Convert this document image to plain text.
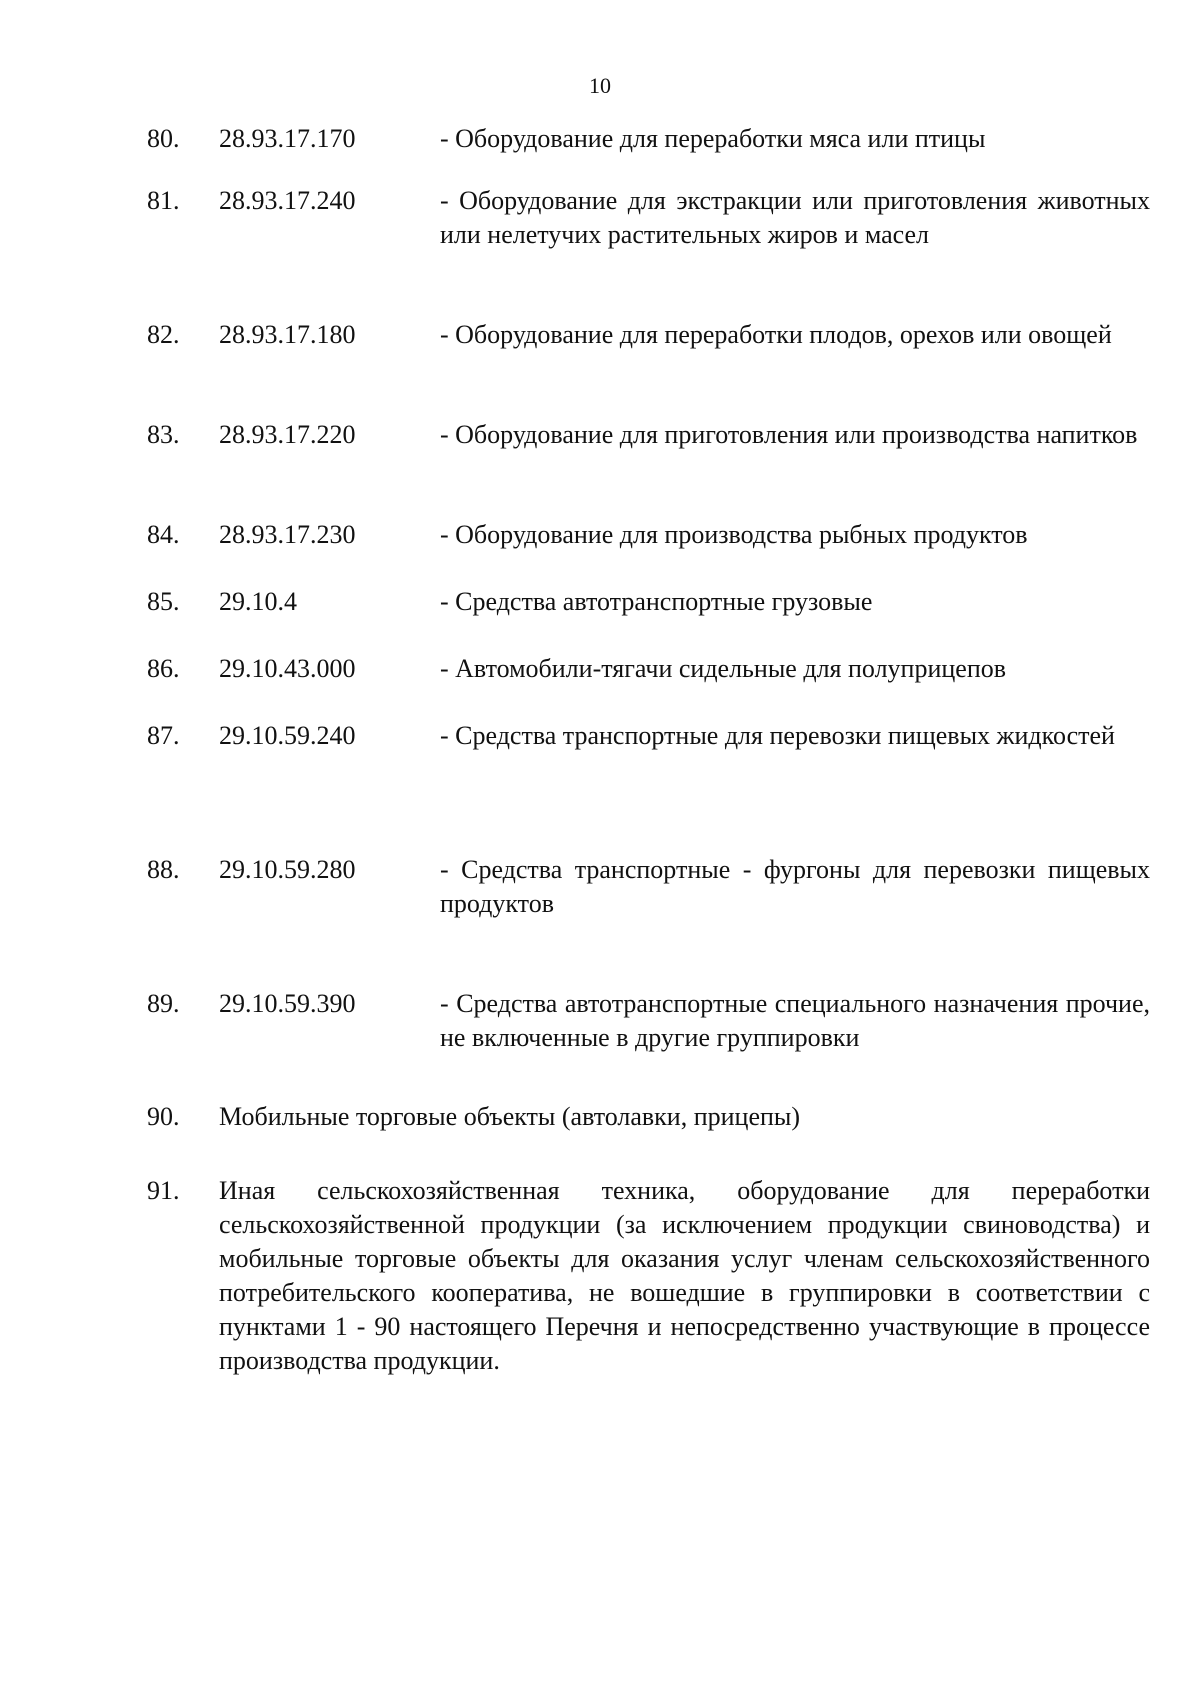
10
80. 28.93.17.170	- Оборудование для переработки мяса или птицы
81. 28.93.17.240	- Оборудование для экстракции или приготовления животных или нелетучих растительных жиров и масел
82. 28.93.17.180	- Оборудование для переработки плодов, орехов или овощей
83. 28.93.17.220	- Оборудование для приготовления или производства напитков
84. 28.93.17.230	- Оборудование для производства рыбных продуктов
85. 29.10.4	- Средства автотранспортные грузовые
86. 29.10.43.000	- Автомобили-тягачи сидельные для полуприцепов
87. 29.10.59.240	- Средства транспортные для перевозки пищевых жидкостей
88. 29.10.59.280	- Средства транспортные - фургоны для перевозки пищевых продуктов
89. 29.10.59.390	- Средства автотранспортные специального назначения прочие, не включенные в другие группировки
90. Мобильные торговые объекты (автолавки, прицепы)
91. Иная сельскохозяйственная техника, оборудование для переработки сельскохозяйственной продукции (за исключением продукции свиноводства) и мобильные торговые объекты для оказания услуг членам сельскохозяйственного потребительского кооператива, не вошедшие в группировки в соответствии с пунктами 1 - 90 настоящего Перечня и непосредственно участвующие в процессе производства продукции.
